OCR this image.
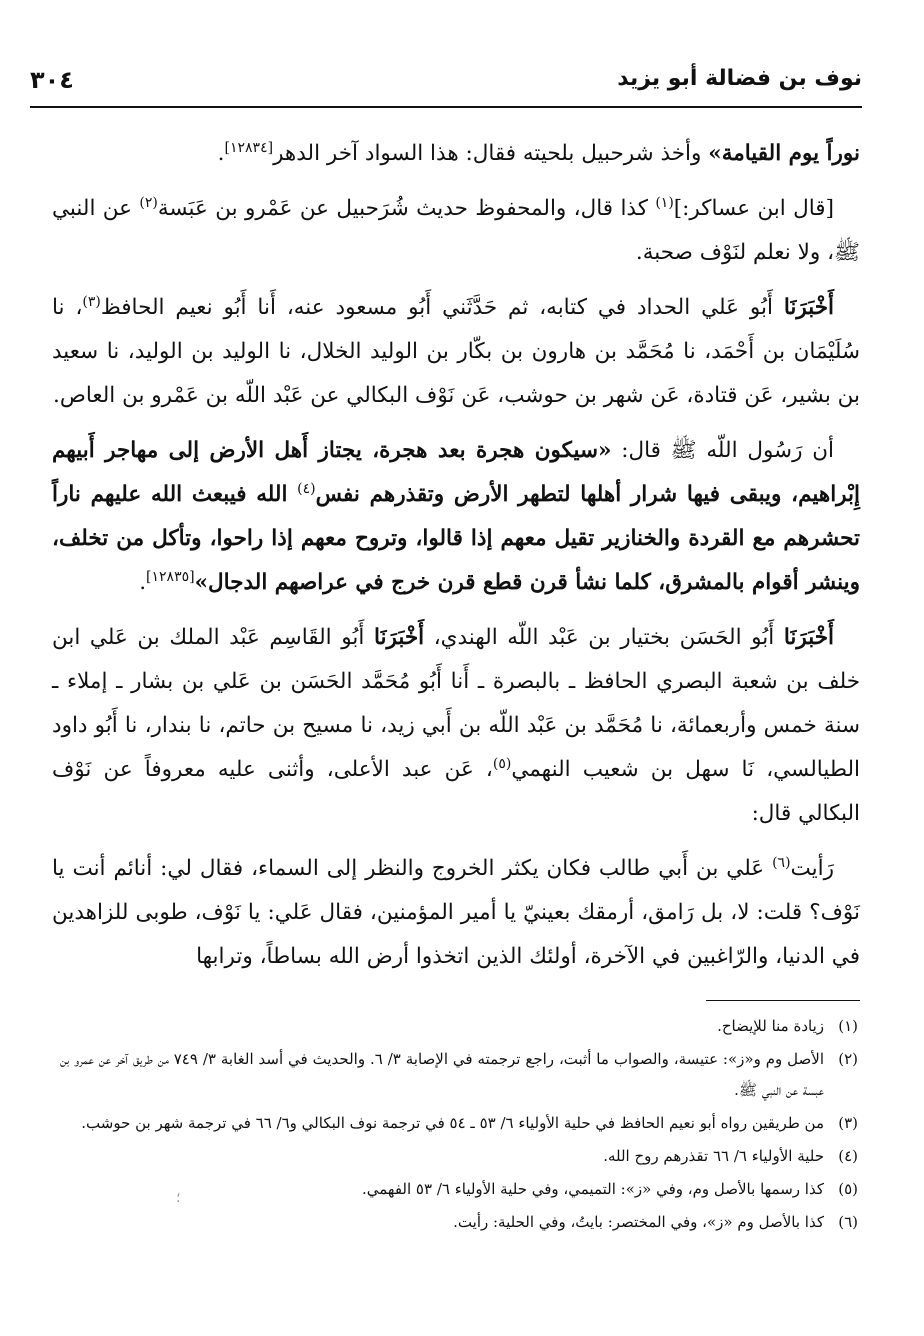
نوف بن فضالة أبو يزيد
٣٠٤

نوراً يوم القيامة» وأخذ شرحبيل بلحيته فقال: هذا السواد آخر الدهر[١٢٨٣٤].

[قال ابن عساكر:]$^{(١)}$ كذا قال، والمحفوظ حديث شُرَحبيل عن عَمْرو بن عَبَسة$^{(٢)}$ عن النبي ﷺ، ولا نعلم لنَوْف صحبة.

أَخْبَرَنَا أَبُو عَلي الحداد في كتابه، ثم حَدَّثَني أَبُو مسعود عنه، أَنا أَبُو نعيم الحافظ$^{(٣)}$، نا سُلَيْمَان بن أَحْمَد، نا مُحَمَّد بن هارون بن بكّار بن الوليد الخلال، نا الوليد بن الوليد، نا سعيد بن بشير، عَن قتادة، عَن شهر بن حوشب، عَن نَوْف البكالي عن عَبْد اللّه بن عَمْرو بن العاص.

أن رَسُول اللّه ﷺ قال: «سيكون هجرة بعد هجرة، يجتاز أَهل الأرض إلى مهاجر أَبيهم إِبْراهيم، ويبقى فيها شرار أهلها لتطهر الأرض وتقذرهم نفس$^{(٤)}$ الله فيبعث الله عليهم ناراً تحشرهم مع القردة والخنازير تقيل معهم إذا قالوا، وتروح معهم إذا راحوا، وتأكل من تخلف، وينشر أقوام بالمشرق، كلما نشأ قرن قطع قرن خرج في عراصهم الدجال»[١٢٨٣٥].

أَخْبَرَنَا أَبُو الحَسَن بختيار بن عَبْد اللّه الهندي، أَخْبَرَنَا أَبُو القَاسِم عَبْد الملك بن عَلي ابن خلف بن شعبة البصري الحافظ ـ بالبصرة ـ أَنا أَبُو مُحَمَّد الحَسَن بن عَلي بن بشار ـ إملاء ـ سنة خمس وأربعمائة، نا مُحَمَّد بن عَبْد اللّه بن أَبي زيد، نا مسيح بن حاتم، نا بندار، نا أَبُو داود الطيالسي، نَا سهل بن شعيب النهمي$^{(٥)}$، عَن عبد الأعلى، وأثنى عليه معروفاً عن نَوْف البكالي قال:

رَأيت$^{(٦)}$ عَلي بن أَبي طالب فكان يكثر الخروج والنظر إلى السماء، فقال لي: أنائم أنت يا نَوْف؟ قلت: لا، بل رَامق، أرمقك بعينيّ يا أمير المؤمنين، فقال عَلي: يا نَوْف، طوبى للزاهدين في الدنيا، والرّاغبين في الآخرة، أولئك الذين اتخذوا أرض الله بساطاً، وترابها

(١)
زيادة منا للإيضاح.

(٢)
الأصل وم و«ز»: عتيسة، والصواب ما أثبت، راجع ترجمته في الإصابة ٣/ ٦. والحديث في أسد الغابة ٣/ ٧٤٩ من طريق آخر عن عمرو بن عبسة عن النبي ﷺ.

(٣)
من طريقين رواه أبو نعيم الحافظ في حلية الأولياء ٦/ ٥٣ ـ ٥٤ في ترجمة نوف البكالي و٦/ ٦٦ في ترجمة شهر بن حوشب.

(٤)
حلية الأولياء ٦/ ٦٦ تقذرهم روح الله.

(٥)
كذا رسمها بالأصل وم، وفي «ز»: التميمي، وفي حلية الأولياء ٦/ ٥٣ الفهمي.

(٦)
كذا بالأصل وم «ز»، وفي المختصر: بايتُ، وفي الحلية: رأيت.

؛
